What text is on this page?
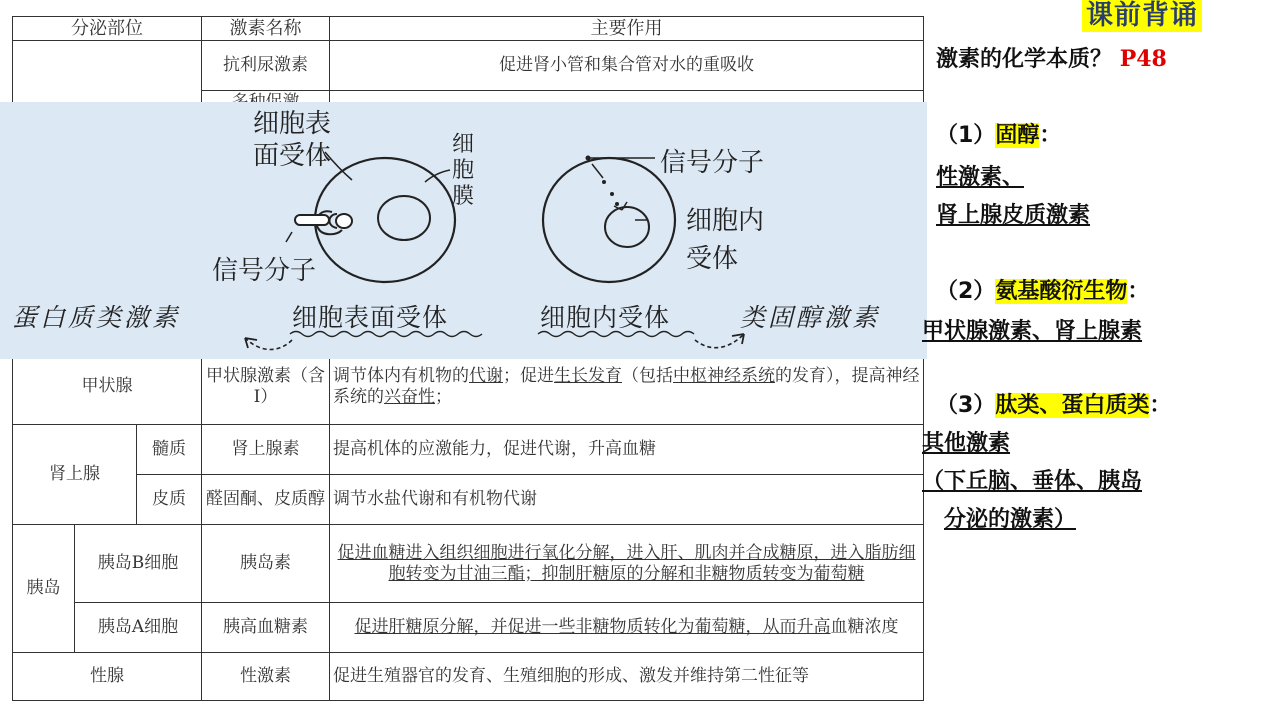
分泌部位			激素名称	主要作用
	抗利尿激素	促进肾小管和集合管对水的重吸收

甲状腺			甲状腺激素（含I）	调节体内有机物的代谢；促进生长发育（包括中枢神经系统的发育），提高神经系统的兴奋性；
肾上腺		髓质	肾上腺素	提高机体的应激能力，促进代谢，升高血糖
		皮质	醛固酮、皮质醇	调节水盐代谢和有机物代谢
胰岛	胰岛B细胞		胰岛素	促进血糖进入组织细胞进行氧化分解，进入肝、肌肉并合成糖原，进入脂肪细胞转变为甘油三酯；抑制肝糖原的分解和非糖物质转变为葡萄糖
	胰岛A细胞		胰高血糖素	促进肝糖原分解，并促进一些非糖物质转化为葡萄糖，从而升高血糖浓度
性腺			性激素	促进生殖器官的发育、生殖细胞的形成、激发并维持第二性征等
细胞表面受体	细胞膜
信号分子
信号分子
细胞内受体
蛋白质类激素	细胞表面受体	细胞内受体	类固醇激素
课前背诵
激素的化学本质？ P48
（1）固醇：
性激素、
肾上腺皮质激素
（2）氨基酸衍生物：
甲状腺激素、肾上腺素
（3）肽类、蛋白质类：
其他激素
（下丘脑、垂体、胰岛
分泌的激素）
